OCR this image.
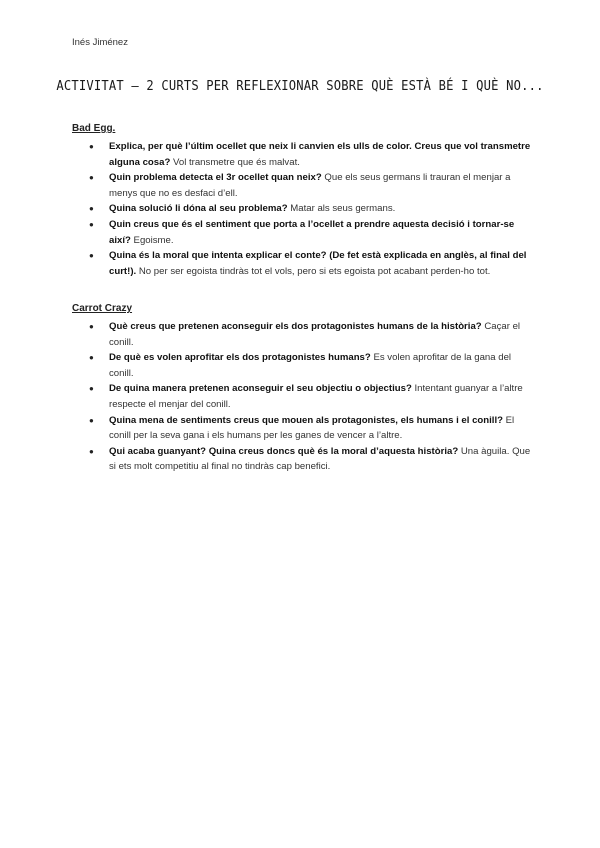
Inés Jiménez
ACTIVITAT – 2 CURTS PER REFLEXIONAR SOBRE QUÈ ESTÀ BÉ I QUÈ NO...
Bad Egg.
● Explica, per què l’últim ocellet que neix li canvien els ulls de color. Creus que vol transmetre alguna cosa? Vol transmetre que és malvat.
● Quin problema detecta el 3r ocellet quan neix? Que els seus germans li trauran el menjar a menys que no es desfaci d’ell.
● Quina solució li dóna al seu problema? Matar als seus germans.
● Quin creus que és el sentiment que porta a l’ocellet a prendre aquesta decisió i tornar-se així? Egoisme.
● Quina és la moral que intenta explicar el conte? (De fet està explicada en anglès, al final del curt!). No per ser egoista tindràs tot el vols, pero si ets egoista pot acabant perden-ho tot.
Carrot Crazy
● Què creus que pretenen aconseguir els dos protagonistes humans de la història? Caçar el conill.
● De què es volen aprofitar els dos protagonistes humans? Es volen aprofitar de la gana del conill.
● De quina manera pretenen aconseguir el seu objectiu o objectius? Intentant guanyar a l’altre respecte el menjar del conill.
● Quina mena de sentiments creus que mouen als protagonistes, els humans i el conill? El conill per la seva gana i els humans per les ganes de vencer a l’altre.
● Qui acaba guanyant? Quina creus doncs què és la moral d’aquesta història? Una àguila. Que si ets molt competitiu al final no tindràs cap benefici.
